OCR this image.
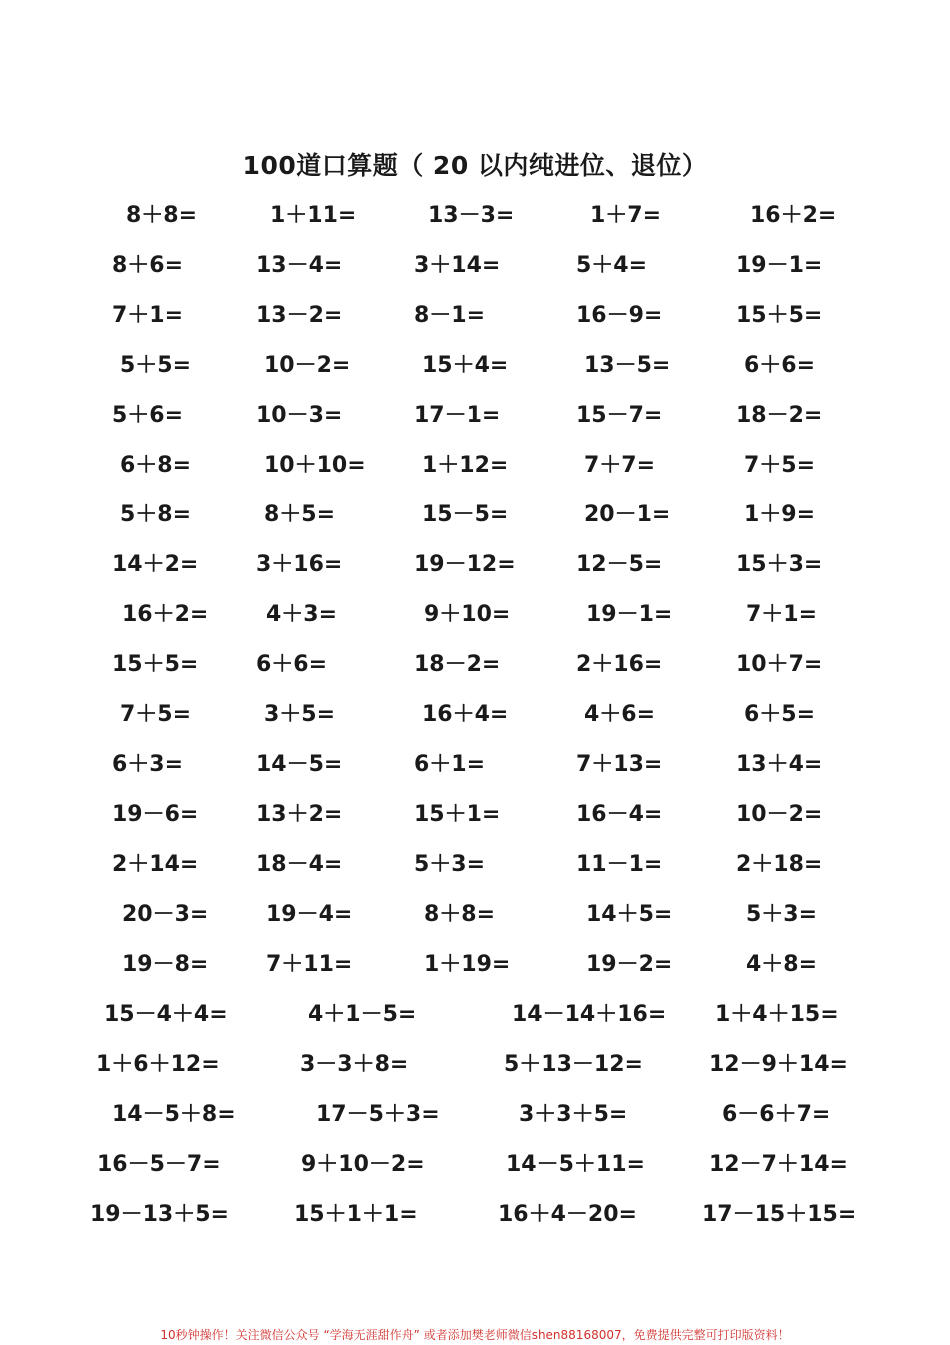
100道口算题（ 20 以内纯进位、退位）
8＋8=	1＋11=	13－3=	1＋7=	16＋2=
8＋6=	13－4=	3＋14=	5＋4=	19－1=
7＋1=	13－2=	8－1=	16－9=	15＋5=
5＋5=	10－2=	15＋4=	13－5=	6＋6=
5＋6=	10－3=	17－1=	15－7=	18－2=
6＋8=	10＋10=	1＋12=	7＋7=	7＋5=
5＋8=	8＋5=	15－5=	20－1=	1＋9=
14＋2=	3＋16=	19－12=	12－5=	15＋3=
16＋2=	4＋3=	9＋10=	19－1=	7＋1=
15＋5=	6＋6=	18－2=	2＋16=	10＋7=
7＋5=	3＋5=	16＋4=	4＋6=	6＋5=
6＋3=	14－5=	6＋1=	7＋13=	13＋4=
19－6=	13＋2=	15＋1=	16－4=	10－2=
2＋14=	18－4=	5＋3=	11－1=	2＋18=
20－3=	19－4=	8＋8=	14＋5=	5＋3=
19－8=	7＋11=	1＋19=	19－2=	4＋8=
15－4＋4=	4＋1－5=	14－14＋16= 1＋4＋15=
1＋6＋12=	3－3＋8=	5＋13－12=	12－9＋14=
14－5＋8=	17－5＋3=	3＋3＋5=	6－6＋7=
16－5－7=	9＋10－2=	14－5＋11=	12－7＋14=
19－13＋5=	15＋1＋1=	16＋4－20=	17－15＋15=
10秒钟操作！关注微信公众号 “学海无涯甜作舟” 或者添加樊老师微信shen88168007，免费提供完整可打印版资料！
